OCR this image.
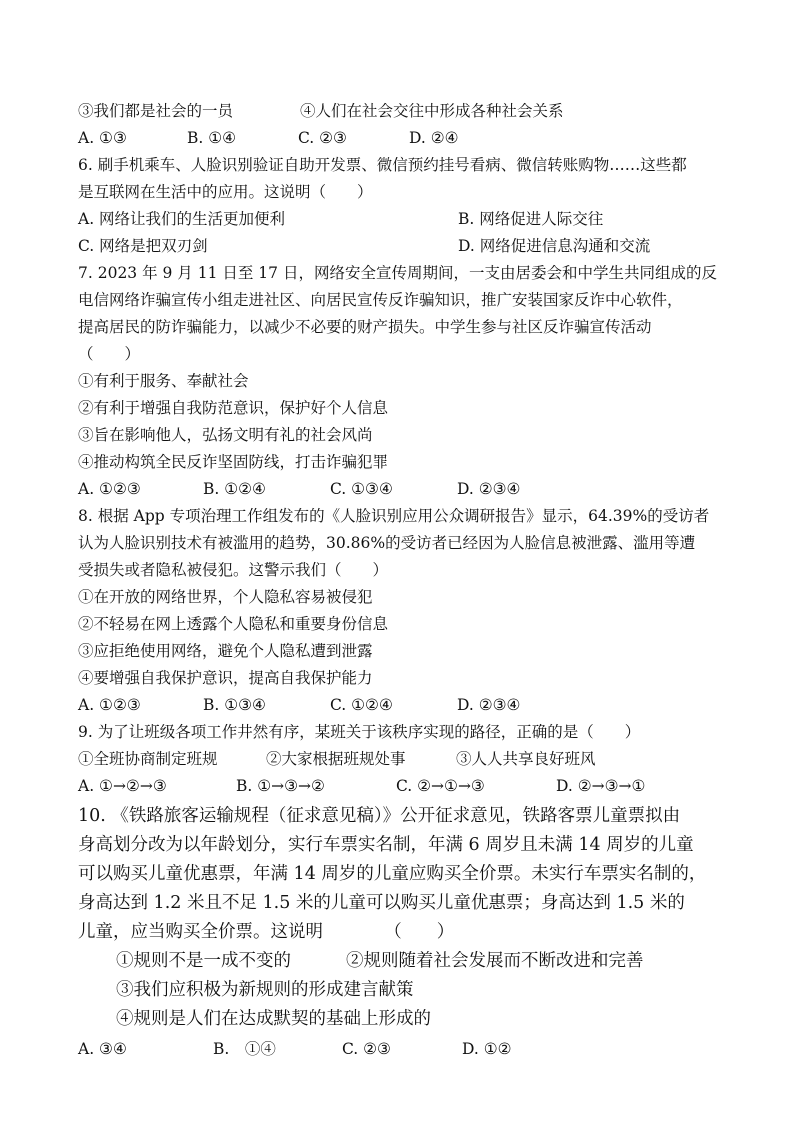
③我们都是社会的一员	④人们在社会交往中形成各种社会关系
A. ①③	B. ①④	C. ②③	D. ②④
6. 刷手机乘车、人脸识别验证自助开发票、微信预约挂号看病、微信转账购物……这些都
是互联网在生活中的应用。这说明（　　）
A. 网络让我们的生活更加便利	B. 网络促进人际交往
C. 网络是把双刃剑	D. 网络促进信息沟通和交流
7. 2023 年 9 月 11 日至 17 日，网络安全宣传周期间，一支由居委会和中学生共同组成的反
电信网络诈骗宣传小组走进社区、向居民宣传反诈骗知识，推广安装国家反诈中心软件，
提高居民的防诈骗能力，以减少不必要的财产损失。中学生参与社区反诈骗宣传活动
（　　）
①有利于服务、奉献社会
②有利于增强自我防范意识，保护好个人信息
③旨在影响他人，弘扬文明有礼的社会风尚
④推动构筑全民反诈坚固防线，打击诈骗犯罪
A. ①②③	B. ①②④	C. ①③④	D. ②③④
8. 根据 App 专项治理工作组发布的《人脸识别应用公众调研报告》显示，64.39%的受访者
认为人脸识别技术有被滥用的趋势，30.86%的受访者已经因为人脸信息被泄露、滥用等遭
受损失或者隐私被侵犯。这警示我们（　　）
①在开放的网络世界，个人隐私容易被侵犯
②不轻易在网上透露个人隐私和重要身份信息
③应拒绝使用网络，避免个人隐私遭到泄露
④要增强自我保护意识，提高自我保护能力
A. ①②③	B. ①③④	C. ①②④	D. ②③④
9. 为了让班级各项工作井然有序，某班关于该秩序实现的路径，正确的是（　　）
①全班协商制定班规	②大家根据班规处事	③人人共享良好班风
A. ①→②→③	B. ①→③→②	C. ②→①→③	D. ②→③→①
10. 《铁路旅客运输规程（征求意见稿）》公开征求意见，铁路客票儿童票拟由
身高划分改为以年龄划分，实行车票实名制，年满 6 周岁且未满 14 周岁的儿童
可以购买儿童优惠票，年满 14 周岁的儿童应购买全价票。未实行车票实名制的，
身高达到 1.2 米且不足 1.5 米的儿童可以购买儿童优惠票；身高达到 1.5 米的
儿童，应当购买全价票。这说明　　　　（　　）
①规则不是一成不变的	②规则随着社会发展而不断改进和完善
③我们应积极为新规则的形成建言献策
④规则是人们在达成默契的基础上形成的
A. ③④	B.　①④	C. ②③	D. ①②
